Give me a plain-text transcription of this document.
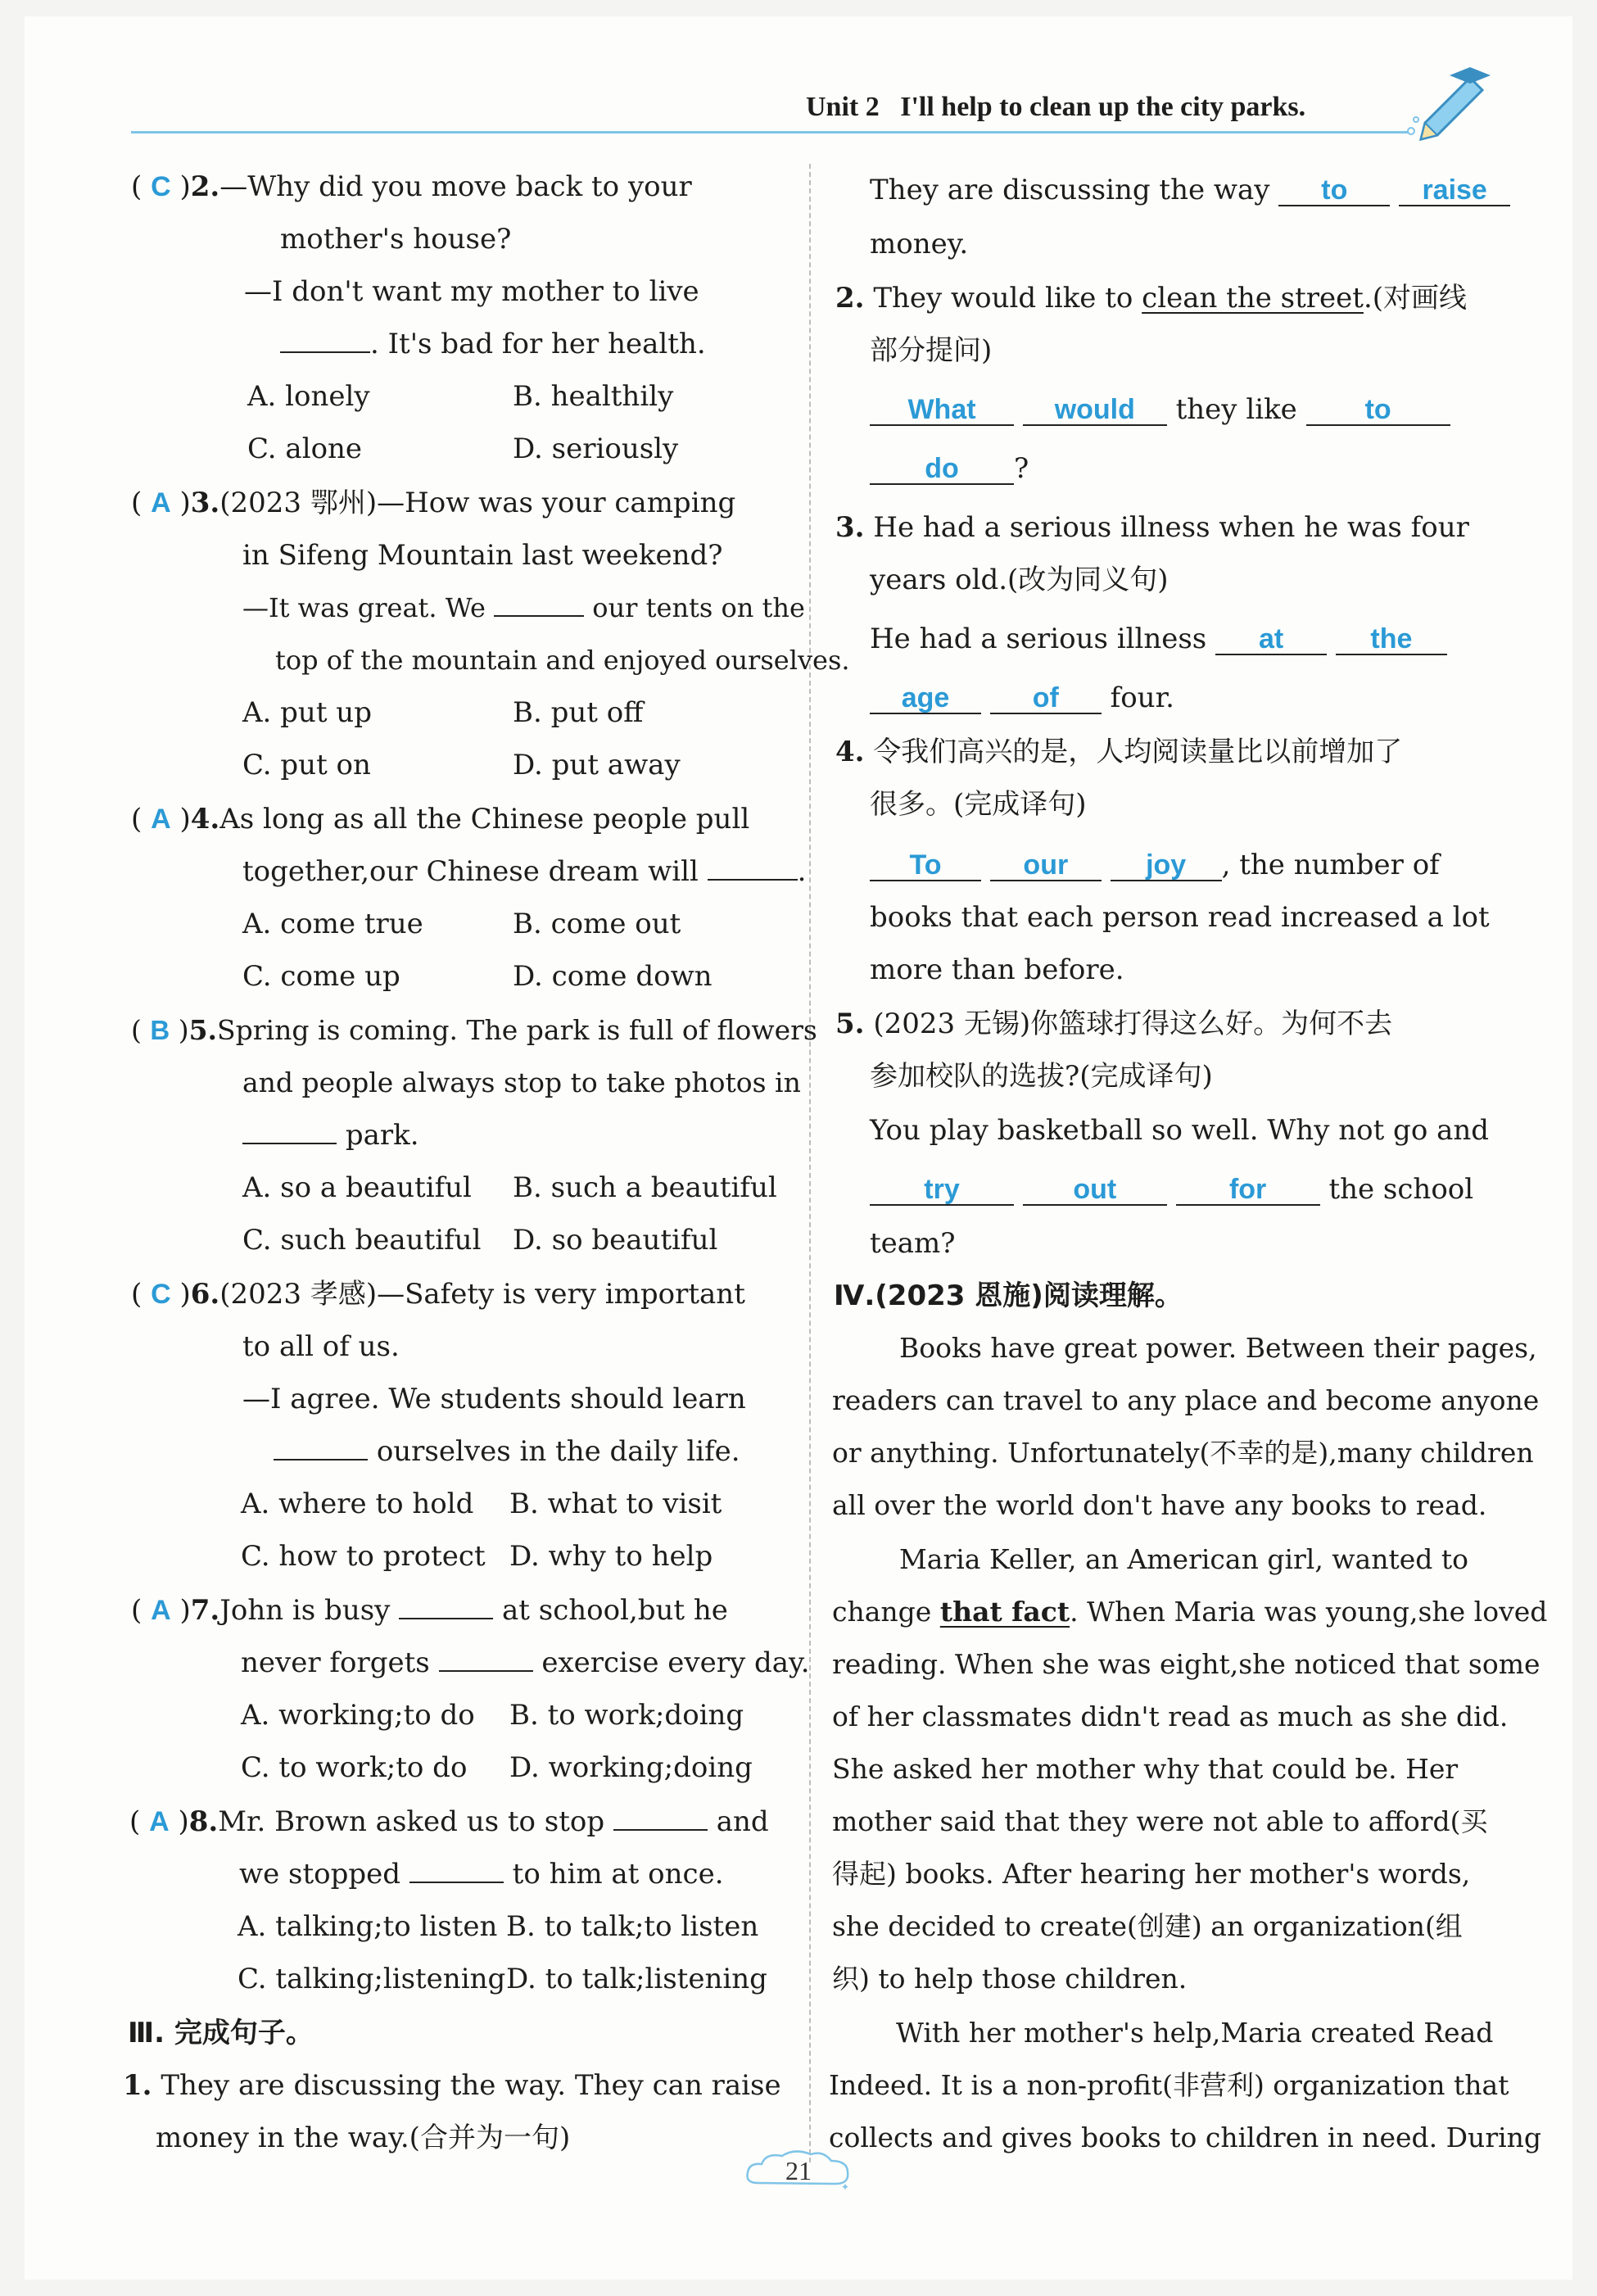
Unit 2 I'll help to clean up the city parks.
( C )2.—Why did you move back to your
mother's house?
—I don't want my mother to live
. It's bad for her health.
A. lonely	B. healthily
C. alone	D. seriously
( A )3.(2023 鄂州)—How was your camping
in Sifeng Mountain last weekend?
—It was great. We	our tents on the
top of the mountain and enjoyed ourselves.
A. put up	B. put off
C. put on	D. put away
( A )4.As long as all the Chinese people pull
together,our Chinese dream will	.
A. come true	B. come out
C. come up	D. come down
( B )5.Spring is coming. The park is full of flowers
and people always stop to take photos in
park.
A. so a beautiful B. such a beautiful
C. such beautiful D. so beautiful
( C )6.(2023 孝感)—Safety is very important
to all of us.
—I agree. We students should learn
ourselves in the daily life.
A. where to hold B. what to visit
C. how to protect D. why to help
( A )7.John is busy	at school,but he
never forgets	exercise every day.
A. working;to do B. to work;doing
C. to work;to do D. working;doing
( A )8.Mr. Brown asked us to stop	and
we stopped	to him at once.
A. talking;to listen B. to talk;to listen
C. talking;listening D. to talk;listening
Ⅲ. 完成句子。
1. They are discussing the way. They can raise
money in the way.(合并为一句)
They are discussing the way to	raise
money.
2. They would like to clean the street.(对画线
部分提问)
What	would they like to
do ?
3. He had a serious illness when he was four
years old.(改为同义句)
He had a serious illness at	the
age	of four.
4. 令我们高兴的是，人均阅读量比以前增加了
很多。(完成译句)
To	our	joy , the number of
books that each person read increased a lot
more than before.
5. (2023 无锡)你篮球打得这么好。为何不去
参加校队的选拔?(完成译句)
You play basketball so well. Why not go and
try	out	for the school
team?
Ⅳ.(2023 恩施)阅读理解。
Books have great power. Between their pages,
readers can travel to any place and become anyone
or anything. Unfortunately(不幸的是),many children
all over the world don't have any books to read.
Maria Keller, an American girl, wanted to
change that fact. When Maria was young,she loved
reading. When she was eight,she noticed that some
of her classmates didn't read as much as she did.
She asked her mother why that could be. Her
mother said that they were not able to afford(买
得起) books. After hearing her mother's words,
she decided to create(创建) an organization(组
织) to help those children.
With her mother's help,Maria created Read
Indeed. It is a non-profit(非营利) organization that
collects and gives books to children in need. During
✦
21
